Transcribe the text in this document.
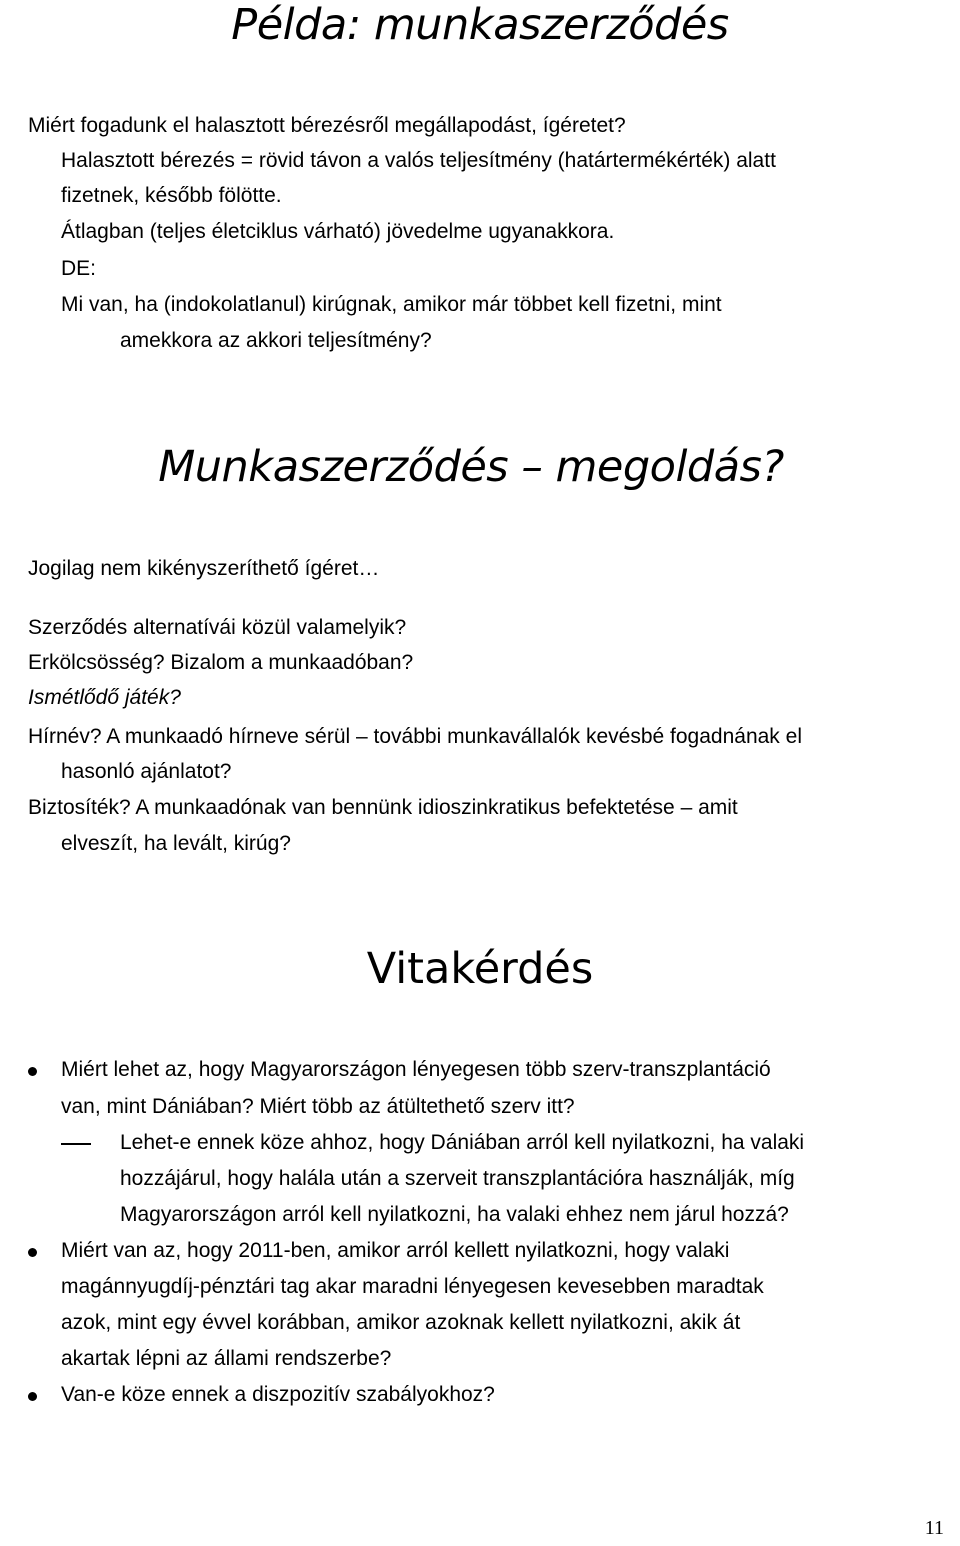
Példa: munkaszerződés
Miért fogadunk el halasztott bérezésről megállapodást, ígéretet?
Halasztott bérezés = rövid távon a valós teljesítmény (határtermékérték) alatt
fizetnek, később fölötte.
Átlagban (teljes életciklus várható) jövedelme ugyanakkora.
DE:
Mi van, ha (indokolatlanul) kirúgnak, amikor már többet kell fizetni, mint
amekkora az akkori teljesítmény?
Munkaszerződés – megoldás?
Jogilag nem kikényszeríthető ígéret…
Szerződés alternatívái közül valamelyik?
Erkölcsösség? Bizalom a munkaadóban?
Ismétlődő játék?
Hírnév? A munkaadó hírneve sérül – további munkavállalók kevésbé fogadnának el
hasonló ajánlatot?
Biztosíték? A munkaadónak van bennünk idioszinkratikus befektetése – amit
elveszít, ha levált, kirúg?
Vitakérdés
Miért lehet az, hogy Magyarországon lényegesen több szerv-transzplantáció
van, mint Dániában? Miért több az átültethető szerv itt?
Lehet-e ennek köze ahhoz, hogy Dániában arról kell nyilatkozni, ha valaki
hozzájárul, hogy halála után a szerveit transzplantációra használják, míg
Magyarországon arról kell nyilatkozni, ha valaki ehhez nem járul hozzá?
Miért van az, hogy 2011-ben, amikor arról kellett nyilatkozni, hogy valaki
magánnyugdíj-pénztári tag akar maradni lényegesen kevesebben maradtak
azok, mint egy évvel korábban, amikor azoknak kellett nyilatkozni, akik át
akartak lépni az állami rendszerbe?
Van-e köze ennek a diszpozitív szabályokhoz?
11
